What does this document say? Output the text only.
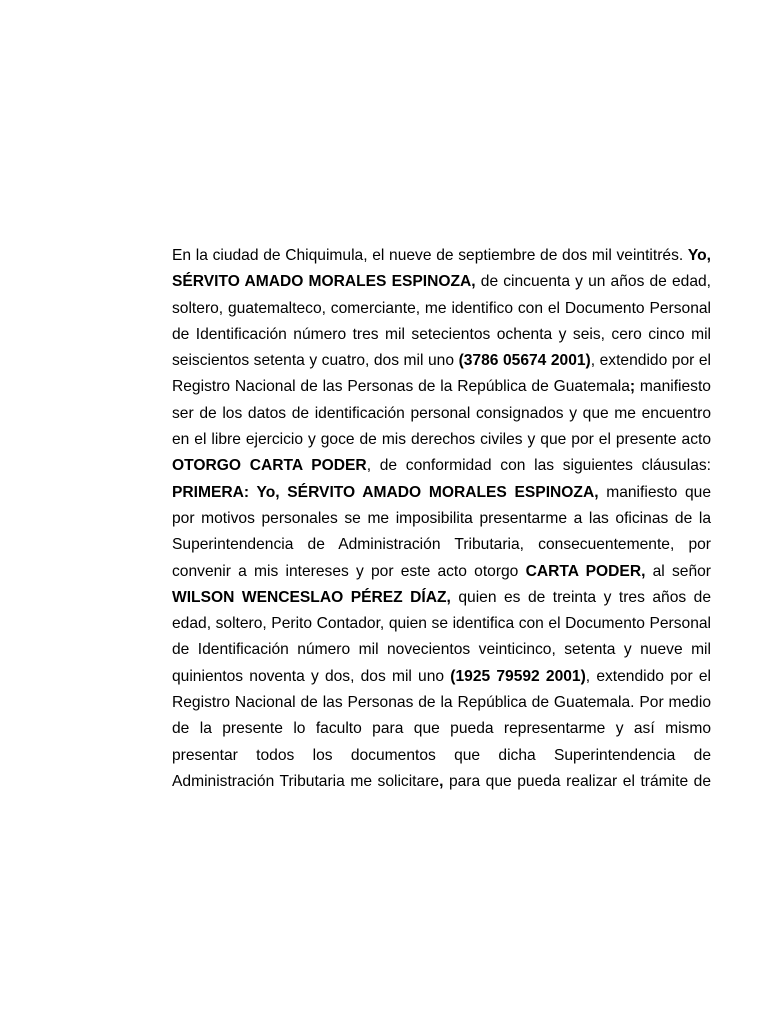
En la ciudad de Chiquimula, el nueve de septiembre de dos mil veintitrés. Yo, SÉRVITO AMADO MORALES ESPINOZA, de cincuenta y un años de edad, soltero, guatemalteco, comerciante, me identifico con el Documento Personal de Identificación número tres mil setecientos ochenta y seis, cero cinco mil seiscientos setenta y cuatro, dos mil uno (3786 05674 2001), extendido por el Registro Nacional de las Personas de la República de Guatemala; manifiesto ser de los datos de identificación personal consignados y que me encuentro en el libre ejercicio y goce de mis derechos civiles y que por el presente acto OTORGO CARTA PODER, de conformidad con las siguientes cláusulas: PRIMERA: Yo, SÉRVITO AMADO MORALES ESPINOZA, manifiesto que por motivos personales se me imposibilita presentarme a las oficinas de la Superintendencia de Administración Tributaria, consecuentemente, por convenir a mis intereses y por este acto otorgo CARTA PODER, al señor WILSON WENCESLAO PÉREZ DÍAZ, quien es de treinta y tres años de edad, soltero, Perito Contador, quien se identifica con el Documento Personal de Identificación número mil novecientos veinticinco, setenta y nueve mil quinientos noventa y dos, dos mil uno (1925 79592 2001), extendido por el Registro Nacional de las Personas de la República de Guatemala. Por medio de la presente lo faculto para que pueda representarme y así mismo presentar todos los documentos que dicha Superintendencia de Administración Tributaria me solicitare, para que pueda realizar el trámite de
